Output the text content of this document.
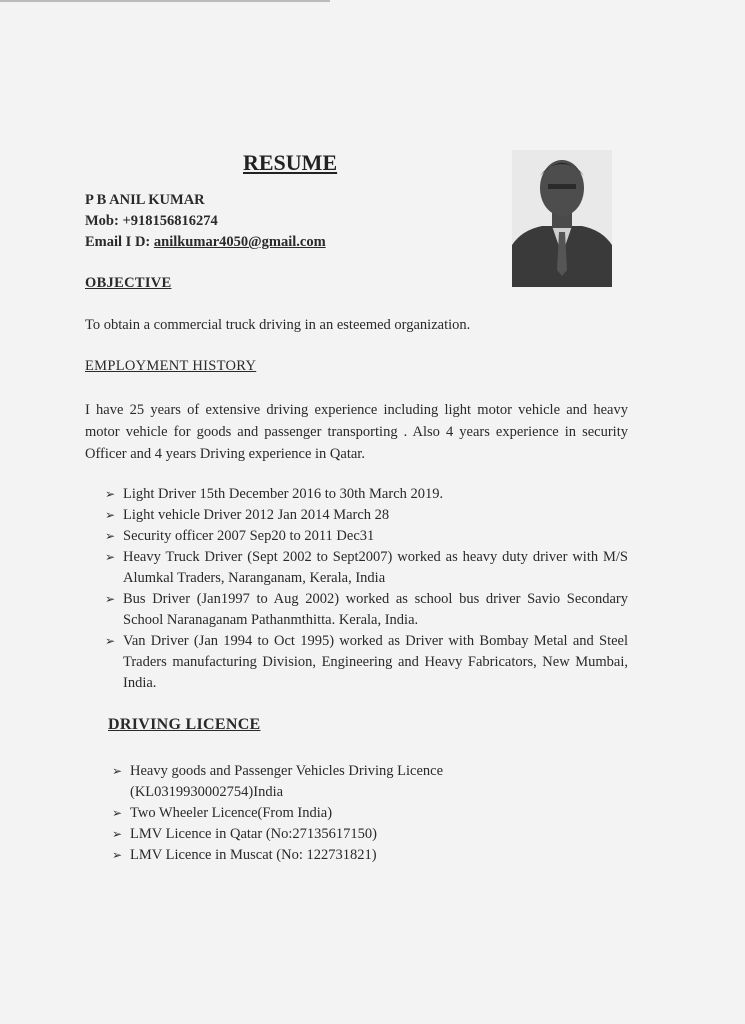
RESUME
P B ANIL KUMAR
Mob: +918156816274
Email I D: anilkumar4050@gmail.com
OBJECTIVE
To obtain a commercial truck driving in an esteemed organization.
EMPLOYMENT HISTORY
I have 25 years of extensive driving experience including light motor vehicle and heavy motor vehicle for goods and passenger transporting . Also 4 years experience in security Officer and 4 years Driving experience in Qatar.
➢ Light Driver 15th December 2016 to 30th March 2019.
➢ Light vehicle Driver 2012 Jan 2014 March 28
➢ Security officer 2007 Sep20 to 2011 Dec31
➢ Heavy Truck Driver (Sept 2002 to Sept2007) worked as heavy duty driver with M/S Alumkal Traders, Naranganam, Kerala, India
➢ Bus Driver (Jan1997 to Aug 2002) worked as school bus driver Savio Secondary School Naranaganam Pathanmthitta. Kerala, India.
➢ Van Driver (Jan 1994 to Oct 1995) worked as Driver with Bombay Metal and Steel Traders manufacturing Division, Engineering and Heavy Fabricators, New Mumbai, India.
DRIVING LICENCE
➢ Heavy goods and Passenger Vehicles Driving Licence (KL0319930002754)India
➢ Two Wheeler Licence(From India)
➢ LMV Licence in Qatar (No:27135617150)
➢ LMV Licence in Muscat (No: 122731821)
